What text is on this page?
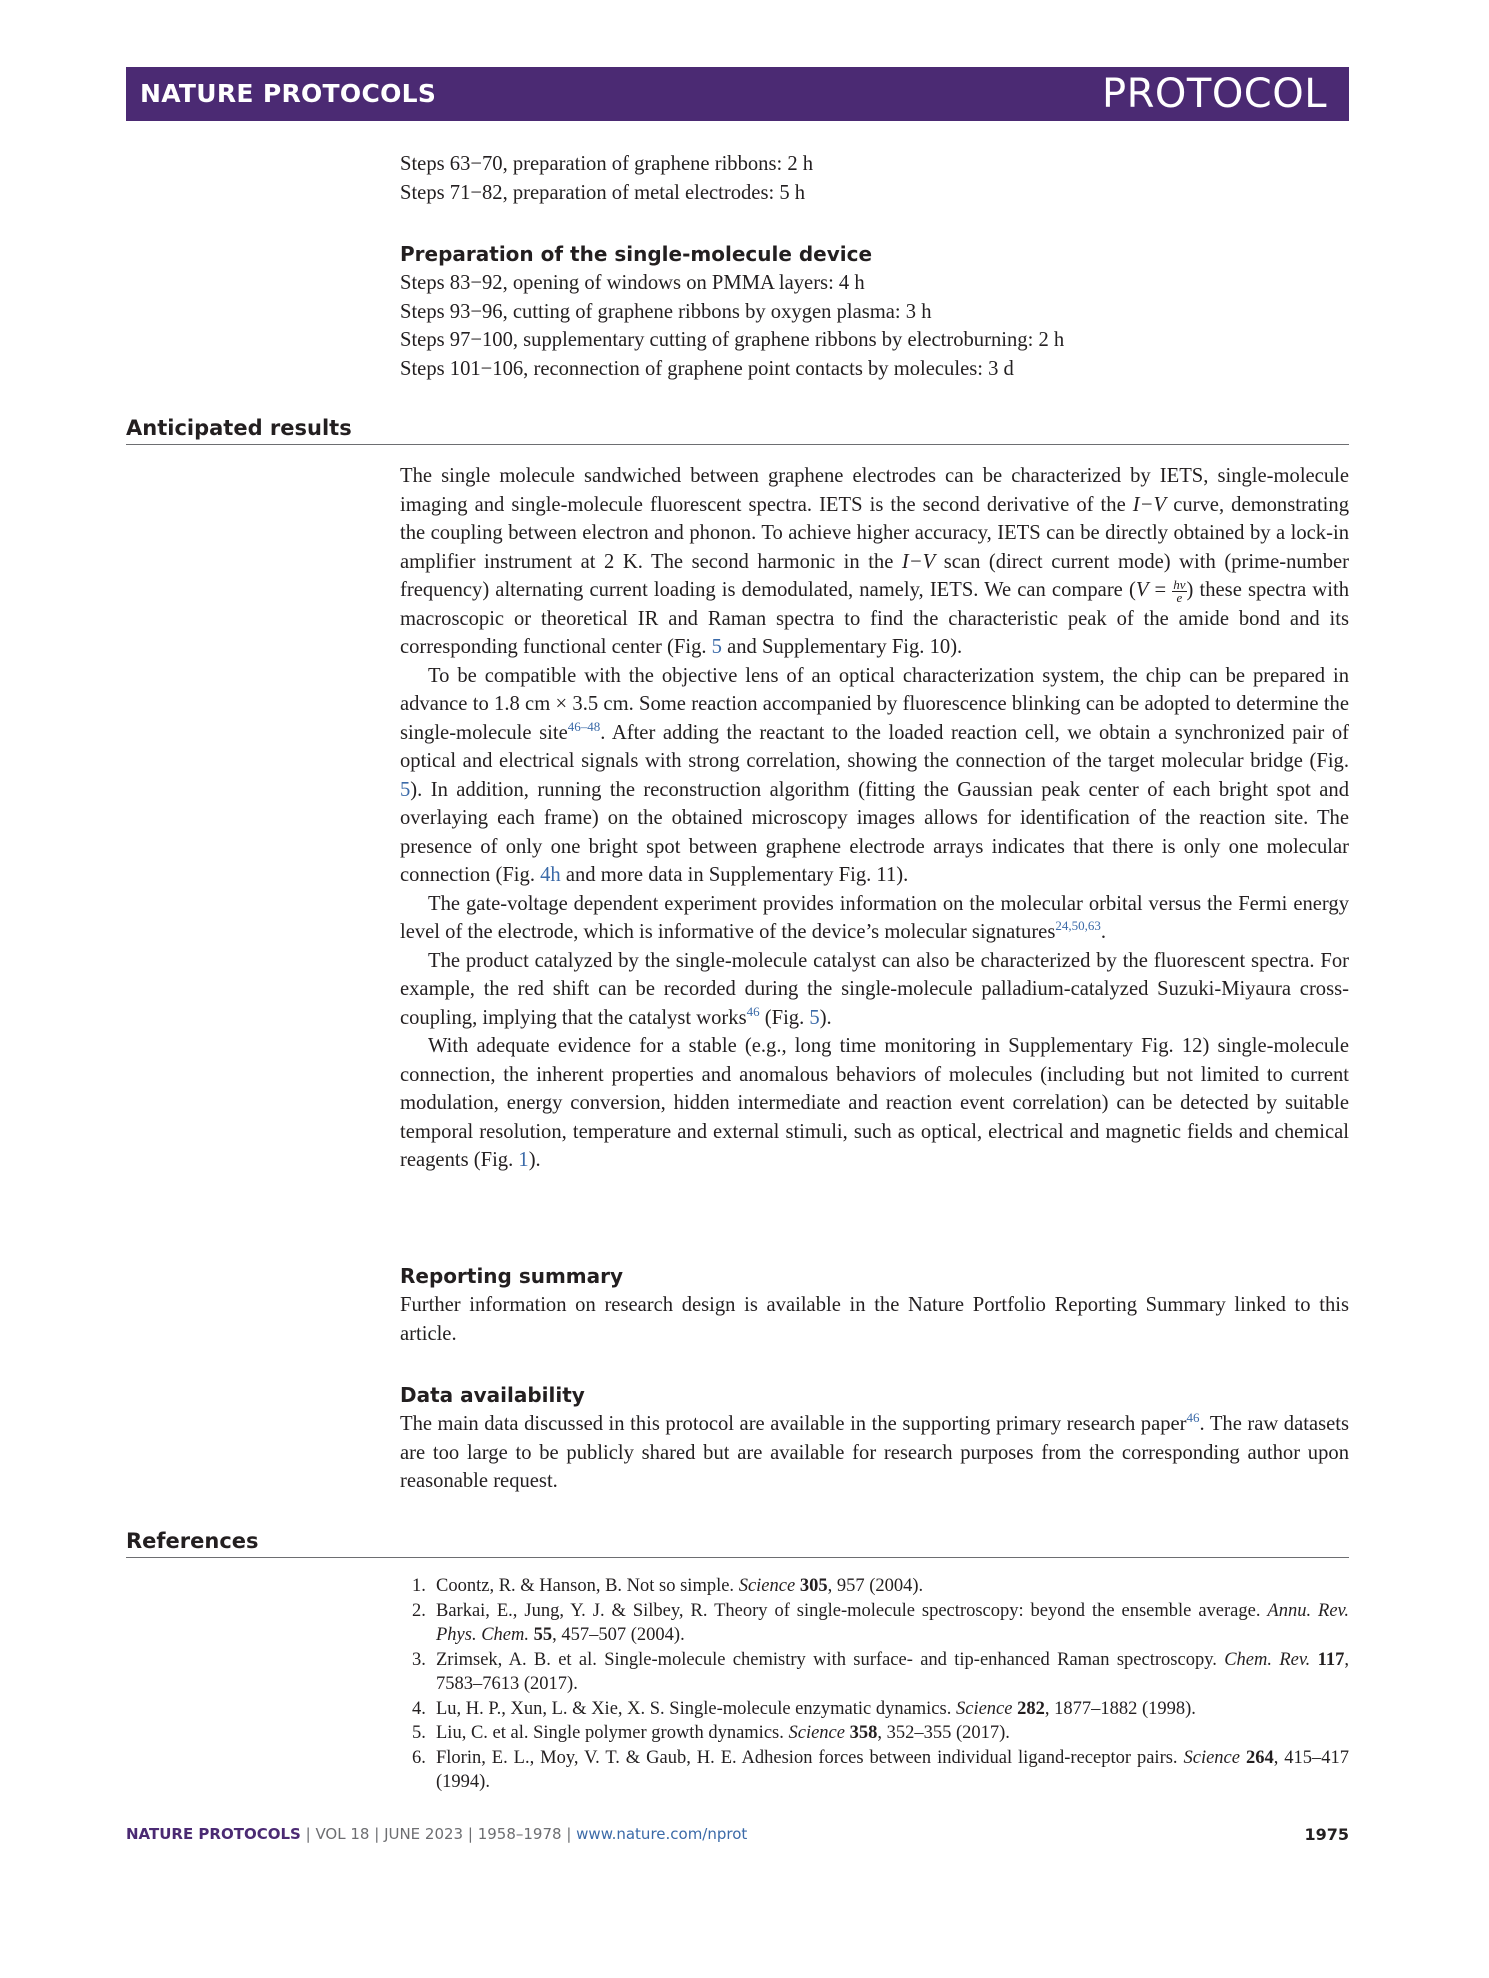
NATURE PROTOCOLS	PROTOCOL
Steps 63−70, preparation of graphene ribbons: 2 h
Steps 71−82, preparation of metal electrodes: 5 h
Preparation of the single-molecule device
Steps 83−92, opening of windows on PMMA layers: 4 h
Steps 93−96, cutting of graphene ribbons by oxygen plasma: 3 h
Steps 97−100, supplementary cutting of graphene ribbons by electroburning: 2 h
Steps 101−106, reconnection of graphene point contacts by molecules: 3 d
Anticipated results

The single molecule sandwiched between graphene electrodes can be characterized by IETS, single-molecule imaging and single-molecule fluorescent spectra. IETS is the second derivative of the I−V curve, demonstrating the coupling between electron and phonon. To achieve higher accuracy, IETS can be directly obtained by a lock-in amplifier instrument at 2 K. The second harmonic in the I−V scan (direct current mode) with (prime-number frequency) alternating current loading is demodulated, namely, IETS. We can compare ($V = \frac{h\nu}{e}$ ) these spectra with macroscopic or theoretical IR and Raman spectra to find the characteristic peak of the amide bond and its corresponding functional center (Fig. 5 and Supplementary Fig. 10).

To be compatible with the objective lens of an optical characterization system, the chip can be prepared in advance to 1.8 cm × 3.5 cm. Some reaction accompanied by fluorescence blinking can be adopted to determine the single-molecule site$^{46-48}$. After adding the reactant to the loaded reaction cell, we obtain a synchronized pair of optical and electrical signals with strong correlation, showing the connection of the target molecular bridge (Fig. 5). In addition, running the reconstruction algorithm (fitting the Gaussian peak center of each bright spot and overlaying each frame) on the obtained microscopy images allows for identification of the reaction site. The presence of only one bright spot between graphene electrode arrays indicates that there is only one molecular connection (Fig. 4h and more data in Supplementary Fig. 11).

The gate-voltage dependent experiment provides information on the molecular orbital versus the Fermi energy level of the electrode, which is informative of the device’s molecular signatures$^{24,50,63}$.

The product catalyzed by the single-molecule catalyst can also be characterized by the fluorescent spectra. For example, the red shift can be recorded during the single-molecule palladium-catalyzed Suzuki-Miyaura cross-coupling, implying that the catalyst works$^{46}$ (Fig. 5).

With adequate evidence for a stable (e.g., long time monitoring in Supplementary Fig. 12) single-molecule connection, the inherent properties and anomalous behaviors of molecules (including but not limited to current modulation, energy conversion, hidden intermediate and reaction event correlation) can be detected by suitable temporal resolution, temperature and external stimuli, such as optical, electrical and magnetic fields and chemical reagents (Fig. 1).

Reporting summary

Further information on research design is available in the Nature Portfolio Reporting Summary linked to this article.

Data availability

The main data discussed in this protocol are available in the supporting primary research paper$^{46}$. The raw datasets are too large to be publicly shared but are available for research purposes from the corresponding author upon reasonable request.

References
1. Coontz, R. & Hanson, B. Not so simple. Science 305, 957 (2004).
2. Barkai, E., Jung, Y. J. & Silbey, R. Theory of single-molecule spectroscopy: beyond the ensemble average. Annu. Rev. Phys. Chem. 55, 457–507 (2004).
3. Zrimsek, A. B. et al. Single-molecule chemistry with surface- and tip-enhanced Raman spectroscopy. Chem. Rev. 117, 7583–7613 (2017).
4. Lu, H. P., Xun, L. & Xie, X. S. Single-molecule enzymatic dynamics. Science 282, 1877–1882 (1998).
5. Liu, C. et al. Single polymer growth dynamics. Science 358, 352–355 (2017).
6. Florin, E. L., Moy, V. T. & Gaub, H. E. Adhesion forces between individual ligand-receptor pairs. Science 264, 415–417 (1994).
NATURE PROTOCOLS | VOL 18 | JUNE 2023 | 1958–1978 | www.nature.com/nprot	1975
